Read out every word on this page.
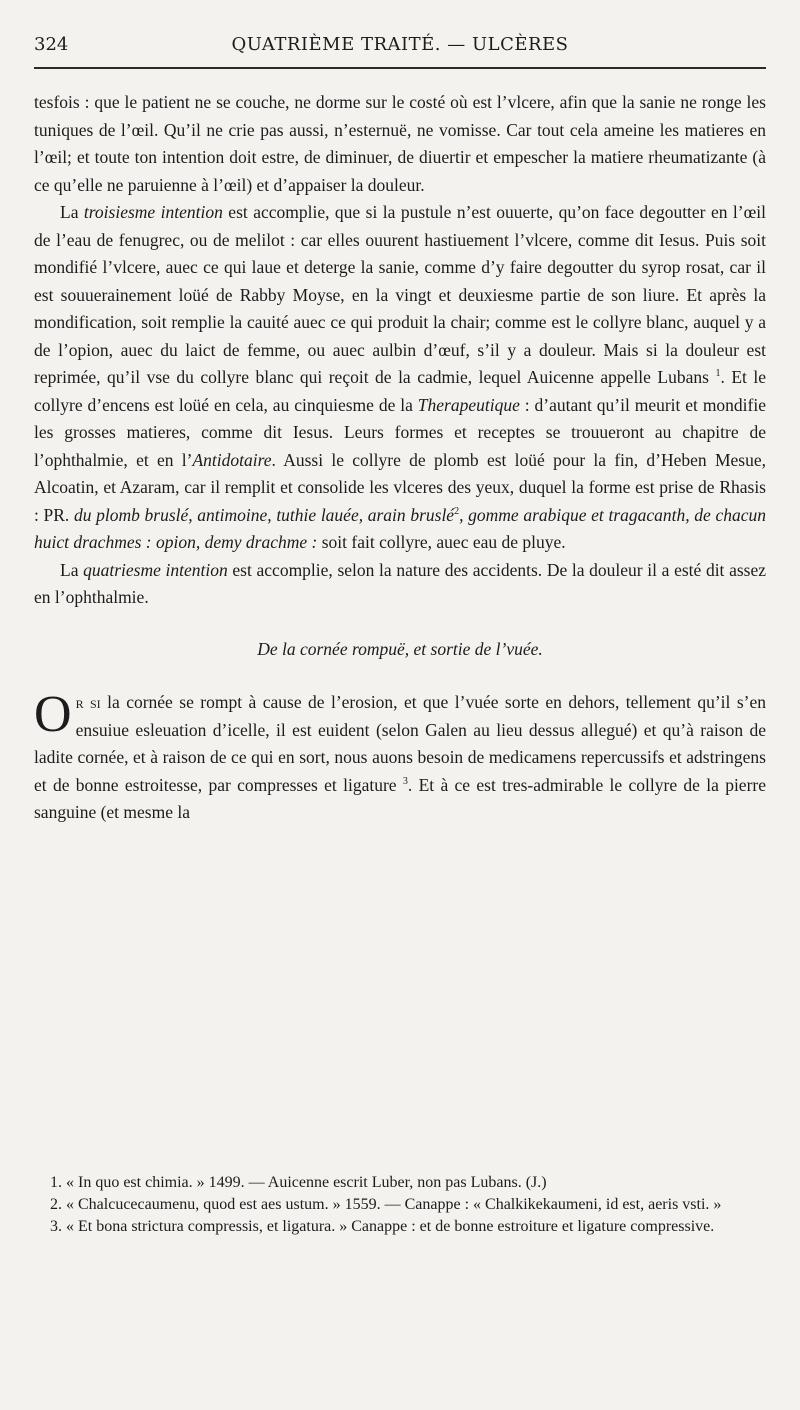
324	QUATRIÈME TRAITÉ. — ULCÈRES

tesfois : que le patient ne se couche, ne dorme sur le costé où est l’vlcere, afin que la sanie ne ronge les tuniques de l’œil. Qu’il ne crie pas aussi, n’esternuë, ne vomisse. Car tout cela ameine les matieres en l’œil; et toute ton intention doit estre, de diminuer, de diuertir et empescher la matiere rheumatizante (à ce qu’elle ne paruienne à l’œil) et d’appaiser la douleur.

La troisiesme intention est accomplie, que si la pustule n’est ouuerte, qu’on face degoutter en l’œil de l’eau de fenugrec, ou de melilot : car elles ouurent hastiuement l’vlcere, comme dit Iesus. Puis soit mondifié l’vlcere, auec ce qui laue et deterge la sanie, comme d’y faire degoutter du syrop rosat, car il est souuerainement loüé de Rabby Moyse, en la vingt et deuxiesme partie de son liure. Et après la mondification, soit remplie la cauité auec ce qui produit la chair; comme est le collyre blanc, auquel y a de l’opion, auec du laict de femme, ou auec aulbin d’œuf, s’il y a douleur. Mais si la douleur est reprimée, qu’il vse du collyre blanc qui reçoit de la cadmie, lequel Auicenne appelle Lubans $^1$. Et le collyre d’encens est loüé en cela, au cinquiesme de la Therapeutique : d’autant qu’il meurit et mondifie les grosses matieres, comme dit Iesus. Leurs formes et receptes se trouueront au chapitre de l’ophthalmie, et en l’Antidotaire. Aussi le collyre de plomb est loüé pour la fin, d’Heben Mesue, Alcoatin, et Azaram, car il remplit et consolide les vlceres des yeux, duquel la forme est prise de Rhasis : PR. du plomb bruslé, antimoine, tuthie lauée, arain bruslé$^2$, gomme arabique et tragacanth, de chacun huict drachmes : opion, demy drachme : soit fait collyre, auec eau de pluye.

La quatriesme intention est accomplie, selon la nature des accidents. De la douleur il a esté dit assez en l’ophthalmie.

De la cornée rompuë, et sortie de l’vuée.

Or si la cornée se rompt à cause de l’erosion, et que l’vuée sorte en dehors, tellement qu’il s’en ensuiue esleuation d’icelle, il est euident (selon Galen au lieu dessus allegué) et qu’à raison de ladite cornée, et à raison de ce qui en sort, nous auons besoin de medicamens repercussifs et adstringens et de bonne estroitesse, par compresses et ligature $^3$. Et à ce est tres-admirable le collyre de la pierre sanguine (et mesme la

1. « In quo est chimia. » 1499. — Auicenne escrit Luber, non pas Lubans. (J.)

2. « Chalcucecaumenu, quod est aes ustum. » 1559. — Canappe : « Chalkikekaumeni, id est, aeris vsti. »

3. « Et bona strictura compressis, et ligatura. » Canappe : et de bonne estroiture et ligature compressive.
